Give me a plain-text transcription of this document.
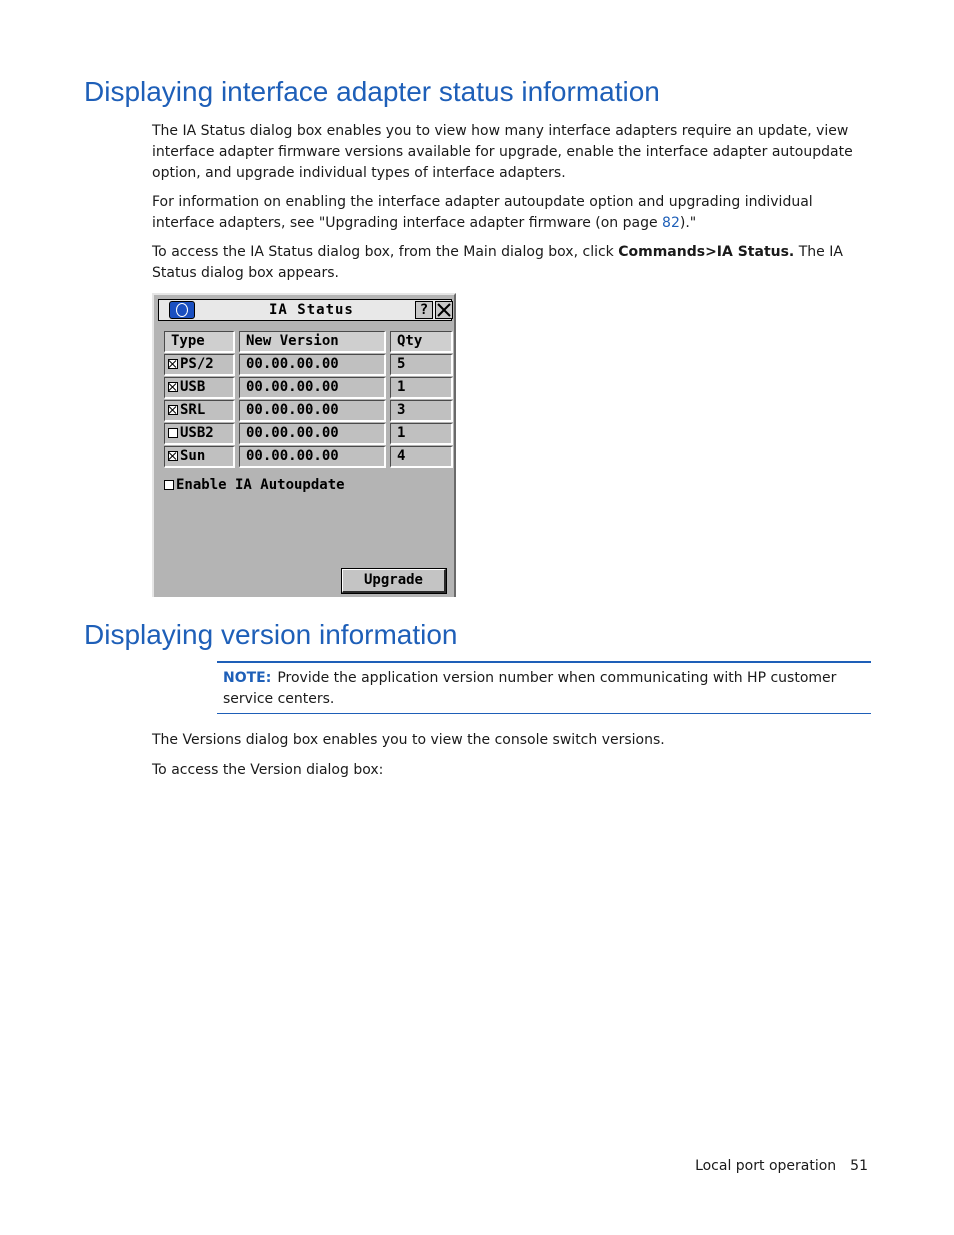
Displaying interface adapter status information

The IA Status dialog box enables you to view how many interface adapters require an update, view interface adapter firmware versions available for upgrade, enable the interface adapter autoupdate option, and upgrade individual types of interface adapters.

For information on enabling the interface adapter autoupdate option and upgrading individual interface adapters, see "Upgrading interface adapter firmware (on page 82)."

To access the IA Status dialog box, from the Main dialog box, click Commands>IA Status. The IA Status dialog box appears.

IA Status	?
Type	New Version	Qty
PS/2	00.00.00.00	5
USB	00.00.00.00	1
SRL	00.00.00.00	3
USB2	00.00.00.00	1
Sun	00.00.00.00	4
Enable IA Autoupdate
Upgrade
Displaying version information
NOTE: Provide the application version number when communicating with HP customer service centers.

The Versions dialog box enables you to view the console switch versions.

To access the Version dialog box:

Local port operation 51
